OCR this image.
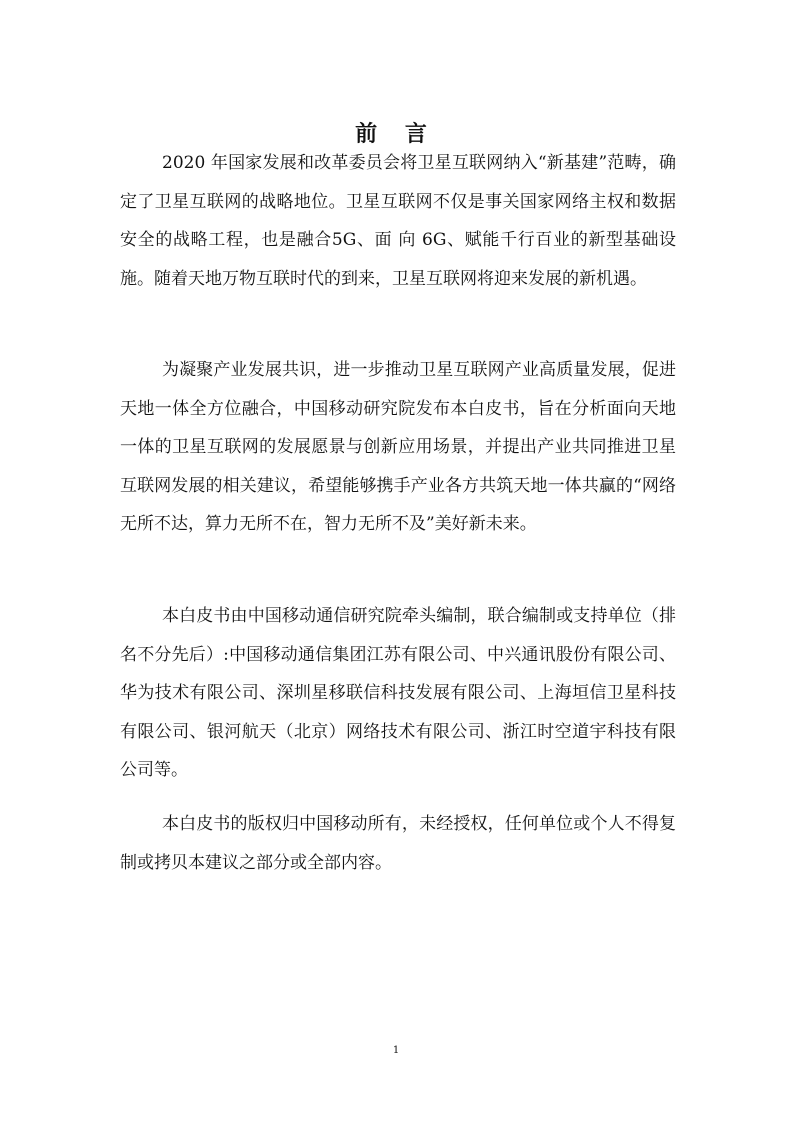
前 言

2020 年国家发展和改革委员会将卫星互联网纳入“新基建”范畴，确定了卫星互联网的战略地位。卫星互联网不仅是事关国家网络主权和数据安全的战略工程，也是融合5G、面 向 6G、赋能千行百业的新型基础设施。随着天地万物互联时代的到来，卫星互联网将迎来发展的新机遇。

为凝聚产业发展共识，进一步推动卫星互联网产业高质量发展，促进天地一体全方位融合，中国移动研究院发布本白皮书，旨在分析面向天地一体的卫星互联网的发展愿景与创新应用场景，并提出产业共同推进卫星互联网发展的相关建议，希望能够携手产业各方共筑天地一体共赢的“网络无所不达，算力无所不在，智力无所不及”美好新未来。

本白皮书由中国移动通信研究院牵头编制，联合编制或支持单位（排名不分先后）:中国移动通信集团江苏有限公司、中兴通讯股份有限公司、华为技术有限公司、深圳星移联信科技发展有限公司、上海垣信卫星科技有限公司、银河航天（北京）网络技术有限公司、浙江时空道宇科技有限公司等。

本白皮书的版权归中国移动所有，未经授权，任何单位或个人不得复制或拷贝本建议之部分或全部内容。

1
